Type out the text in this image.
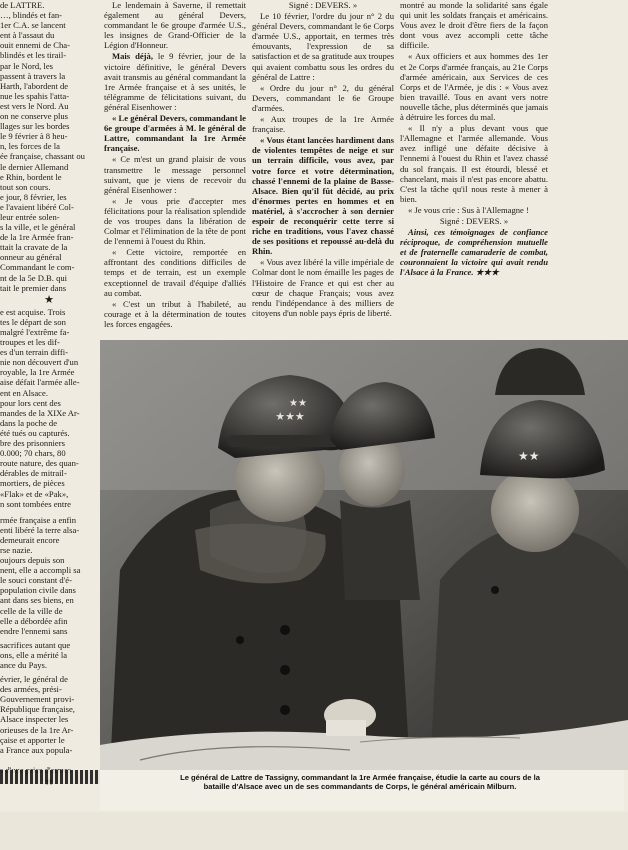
de LATTRE.
…, blindés et fan-
1er C.A. se lancent
ent à l'assaut du
ouit ennemi de Cha-
blindés et les tirail-
par le Nord, les
passent à travers la
Harth, l'abordent de
nue les spahis l'atta-
est vers le Nord. Au
on ne conserve plus
llages sur les bordes
le 9 février à 8 heu-
n, les forces de la
ée française, chassant ou
le dernier Allemand
e Rhin, bordent le
tout son cours.
e jour, 8 février, les
e l'avaient libéré Col-
leur entrée solen-
s la ville, et le général
de la 1re Armée fran-
ttait la cravate de la
onneur au général
Commandant le com-
nt de la 5e D.B. qui
tait le premier dans
★
e est acquise. Trois
tes le départ de son
malgré l'extrême fa-
troupes et les dif-
es d'un terrain diffi-
nie non découvert d'un
royable, la 1re Armée
aise défait l'armée alle-
ent en Alsace.
pour lors cent des
mandes de la XIXe Ar-
dans la poche de
été tués ou capturés.
bre des prisonniers
0.000; 70 chars, 80
route nature, des quan-
dérables de mitrail-
mortiers, de pièces
«Flak» et de «Pak»,
n sont tombées entre
rmée française a enfin
enti libéré la terre alsa-
demeurait encore
rse nazie.
oujours depuis son
nent, elle a accompli sa
le souci constant d'é-
population civile dans
ant dans ses biens, en
celle de la ville de
elle a débordée afin
endre l'ennemi sans
sacrifices autant que
ons, elle a mérité la
ance du Pays.
évrier, le général de
des armées, prési-
Gouvernement provi-
République française,
Alsace inspecter les
orieuses de la 1re Ar-
çaise et apporter le
a France aux popula-

Le lendemain à Saverne, il remettait également au général Devers, commandant le 6e groupe d'armée U.S., les insignes de Grand-Officier de la Légion d'Honneur.

Mais déjà, le 9 février, jour de la victoire définitive, le général Devers avait transmis au général commandant la 1re Armée française et à ses unités, le télégramme de félicitations suivant, du général Eisenhower :

« Le général Devers, commandant le 6e groupe d'armées à M. le général de Lattre, commandant la 1re Armée française.

« Ce m'est un grand plaisir de vous transmettre le message personnel suivant, que je viens de recevoir du général Eisenhower :

« Je vous prie d'accepter mes félicitations pour la réalisation splendide de vos troupes dans la libération de Colmar et l'élimination de la tête de pont de l'ennemi à l'ouest du Rhin.

« Cette victoire, remportée en affrontant des conditions difficiles de temps et de terrain, est un exemple exceptionnel de travail d'équipe d'alliés au combat.

« C'est un tribut à l'habileté, au courage et à la détermination de toutes les forces engagées.

Signé : DEVERS. »

Le 10 février, l'ordre du jour n° 2 du général Devers, commandant le 6e Corps d'armée U.S., apportait, en termes très émouvants, l'expression de sa satisfaction et de sa gratitude aux troupes qui avaient combattu sous les ordres du général de Lattre :

« Ordre du jour n° 2, du général Devers, commandant le 6e Groupe d'armées.

« Aux troupes de la 1re Armée française.

« Vous étant lancées hardiment dans de violentes tempêtes de neige et sur un terrain difficile, vous avez, par votre force et votre détermination, chassé l'ennemi de la plaine de Basse-Alsace. Bien qu'il fût décidé, au prix d'énormes pertes en hommes et en matériel, à s'accrocher à son dernier espoir de reconquérir cette terre si riche en traditions, vous l'avez chassé de ses positions et repoussé au-delà du Rhin.

« Vous avez libéré la ville impériale de Colmar dont le nom émaille les pages de l'Histoire de France et qui est cher au cœur de chaque Français; vous avez rendu l'indépendance à des milliers de citoyens d'un noble pays épris de liberté.

montré au monde la solidarité sans égale qui unit les soldats français et américains. Vous avez le droit d'être fiers de la façon dont vous avez accompli cette tâche difficile.

« Aux officiers et aux hommes des 1er et 2e Corps d'armée français, au 21e Corps d'armée américain, aux Services de ces Corps et de l'Armée, je dis : « Vous avez bien travaillé. Tous en avant vers notre nouvelle tâche, plus déterminés que jamais à détruire les forces du mal.

« Il n'y a plus devant vous que l'Allemagne et l'armée allemande. Vous avez infligé une défaite décisive à l'ennemi à l'ouest du Rhin et l'avez chassé du sol français. Il est étourdi, blessé et chancelant, mais il n'est pas encore abattu. C'est la tâche qu'il nous reste à mener à bien.

« Je vous crie : Sus à l'Allemagne !

Signé : DEVERS. »

Ainsi, ces témoignages de confiance réciproque, de compréhension mutuelle et de fraternelle camaraderie de combat, couronnaient la victoire qui avait rendu l'Alsace à la France. ★★★

★★★
★★
★★
Le général de Lattre de Tassigny, commandant la 1re Armée française, étudie la carte au cours de la bataille d'Alsace avec un de ses commandants de Corps, le général américain Milburn.
